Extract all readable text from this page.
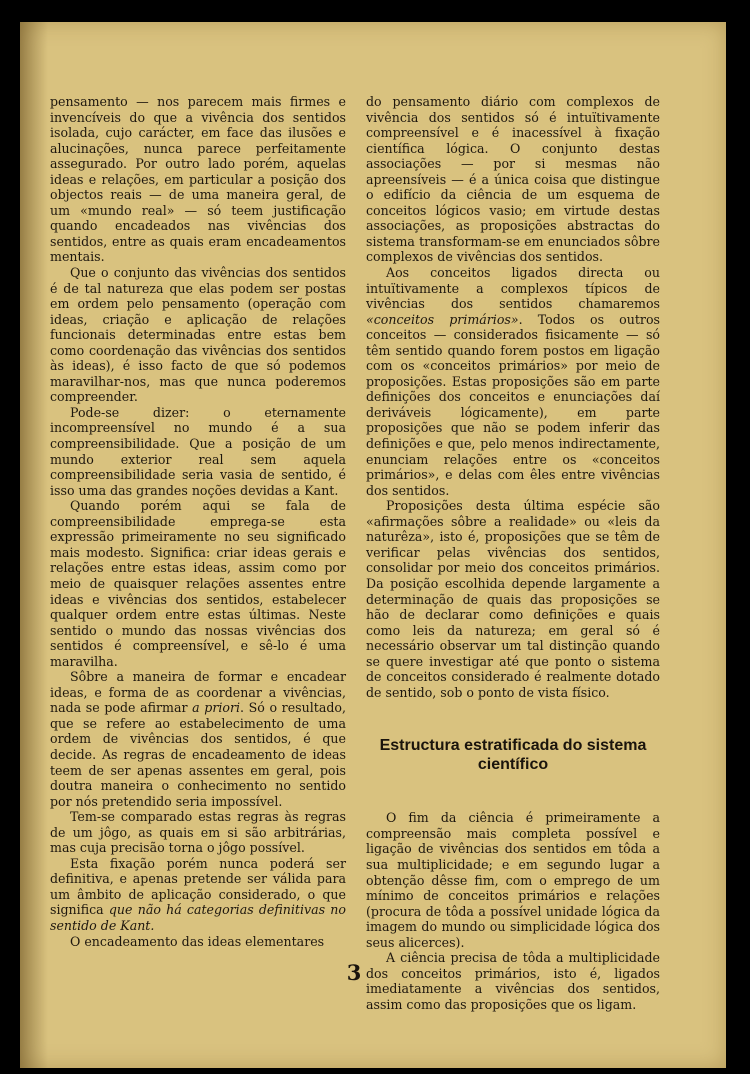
pensamento — nos parecem mais firmes e invencíveis do que a vivência dos sentidos isolada, cujo carácter, em face das ilusões e alucinações, nunca parece perfeitamente assegurado. Por outro lado porém, aquelas ideas e relações, em particular a posição dos objectos reais — de uma maneira geral, de um «mundo real» — só teem justificação quando encadeados nas vivências dos sentidos, entre as quais eram encadeamentos mentais.

Que o conjunto das vivências dos sentidos é de tal natureza que elas podem ser postas em ordem pelo pensamento (operação com ideas, criação e aplicação de relações funcionais determinadas entre estas bem como coordenação das vivências dos sentidos às ideas), é isso facto de que só podemos maravilhar-nos, mas que nunca poderemos compreender.

Pode-se dizer: o eternamente incompreensível no mundo é a sua compreensibilidade. Que a posição de um mundo exterior real sem aquela compreensibilidade seria vasia de sentido, é isso uma das grandes noções devidas a Kant.

Quando porém aqui se fala de compreensibilidade emprega-se esta expressão primeiramente no seu significado mais modesto. Significa: criar ideas gerais e relações entre estas ideas, assim como por meio de quaisquer relações assentes entre ideas e vivências dos sentidos, estabelecer qualquer ordem entre estas últimas. Neste sentido o mundo das nossas vivências dos sentidos é compreensível, e sê-lo é uma maravilha.

Sôbre a maneira de formar e encadear ideas, e forma de as coordenar a vivências, nada se pode afirmar a priori. Só o resultado, que se refere ao estabelecimento de uma ordem de vivências dos sentidos, é que decide. As regras de encadeamento de ideas teem de ser apenas assentes em geral, pois doutra maneira o conhecimento no sentido por nós pretendido seria impossível.

Tem-se comparado estas regras às regras de um jôgo, as quais em si são arbitrárias, mas cuja precisão torna o jôgo possível.

Esta fixação porém nunca poderá ser definitiva, e apenas pretende ser válida para um âmbito de aplicação considerado, o que significa que não há categorias definitivas no sentido de Kant.

O encadeamento das ideas elementares

do pensamento diário com complexos de vivência dos sentidos só é intuïtivamente compreensível e é inacessível à fixação científica lógica. O conjunto destas associações — por si mesmas não apreensíveis — é a única coisa que distingue o edifício da ciência de um esquema de conceitos lógicos vasio; em virtude destas associações, as proposições abstractas do sistema transformam-se em enunciados sôbre complexos de vivências dos sentidos.

Aos conceitos ligados directa ou intuïtivamente a complexos típicos de vivências dos sentidos chamaremos «conceitos primários». Todos os outros conceitos — considerados fisicamente — só têm sentido quando forem postos em ligação com os «conceitos primários» por meio de proposições. Estas proposições são em parte definições dos conceitos e enunciações daí deriváveis lógicamente), em parte proposições que não se podem inferir das definições e que, pelo menos indirectamente, enunciam relações entre os «conceitos primários», e delas com êles entre vivências dos sentidos.

Proposições desta última espécie são «afirmações sôbre a realidade» ou «leis da naturêza», isto é, proposições que se têm de verificar pelas vivências dos sentidos, consolidar por meio dos conceitos primários. Da posição escolhida depende largamente a determinação de quais das proposições se hão de declarar como definições e quais como leis da natureza; em geral só é necessário observar um tal distinção quando se quere investigar até que ponto o sistema de conceitos considerado é realmente dotado de sentido, sob o ponto de vista físico.

Estructura estratificada do sistema científico

O fim da ciência é primeiramente a compreensão mais completa possível e ligação de vivências dos sentidos em tôda a sua multiplicidade; e em segundo lugar a obtenção dêsse fim, com o emprego de um mínimo de conceitos primários e relações (procura de tôda a possível unidade lógica da imagem do mundo ou simplicidade lógica dos seus alicerces).

A ciência precisa de tôda a multiplicidade dos conceitos primários, isto é, ligados imediatamente a vivências dos sentidos, assim como das proposições que os ligam.

3
